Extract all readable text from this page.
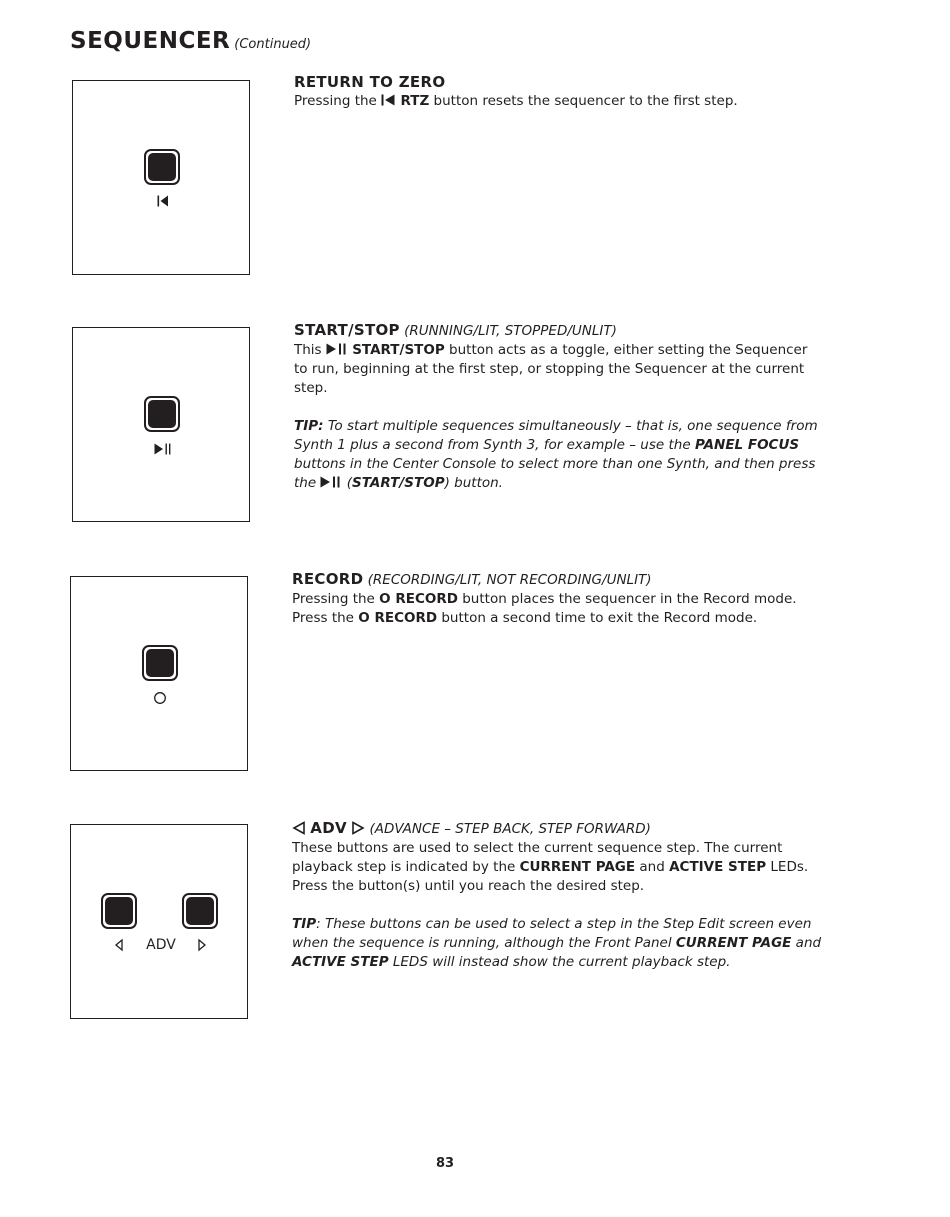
SEQUENCER (Continued)
RETURN TO ZERO

Pressing the  RTZ button resets the sequencer to the first step.

START/STOP (RUNNING/LIT, STOPPED/UNLIT)

This  START/STOP button acts as a toggle, either setting the Sequencer to run, beginning at the first step, or stopping the Sequencer at the current step.

TIP: To start multiple sequences simultaneously – that is, one sequence from Synth 1 plus a second from Synth 3, for example – use the PANEL FOCUS buttons in the Center Console to select more than one Synth, and then press the  (START/STOP) button.

RECORD (RECORDING/LIT, NOT RECORDING/UNLIT)

Pressing the O RECORD button places the sequencer in the Record mode. Press the O RECORD button a second time to exit the Record mode.

ADV
ADV (ADVANCE – STEP BACK, STEP FORWARD)

These buttons are used to select the current sequence step. The current playback step is indicated by the CURRENT PAGE and ACTIVE STEP LEDs. Press the button(s) until you reach the desired step.

TIP: These buttons can be used to select a step in the Step Edit screen even when the sequence is running, although the Front Panel CURRENT PAGE and ACTIVE STEP LEDS will instead show the current playback step.

83
